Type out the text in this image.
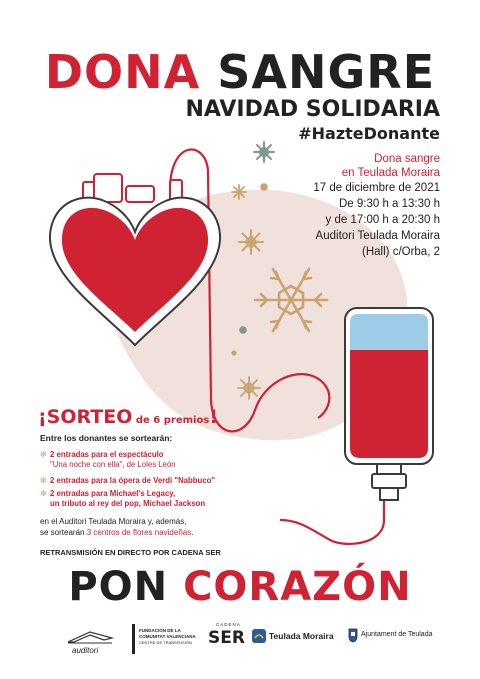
DONA SANGRE
NAVIDAD SOLIDARIA
#HazteDonante
Dona sangre
en Teulada Moraira
17 de diciembre de 2021
De 9:30 h a 13:30 h
y de 17:00 h a 20:30 h
Auditori Teulada Moraira
(Hall) c/Orba, 2
¡SORTEO de 6 premios!
Entre los donantes se sortearán:
✻ 2 entradas para el espectáculo
"Una noche con ella", de Loles León
✻ 2 entradas para la ópera de Verdi "Nabbuco"
✻ 2 entradas para Michael's Legacy,
un tributo al rey del pop, Michael Jackson
en el Auditori Teulada Moraira y, además,
se sortearán 3 centros de flores navideñas.
RETRANSMISIÓN EN DIRECTO POR CADENA SER
PON CORAZÓN
auditori
FUNDACIÓN DE LA
COMUNITAT VALENCIANA
CENTRE DE TRANSFUSIÓN
CADENA
SER	Teulada Moraira	Ajuntament de Teulada
